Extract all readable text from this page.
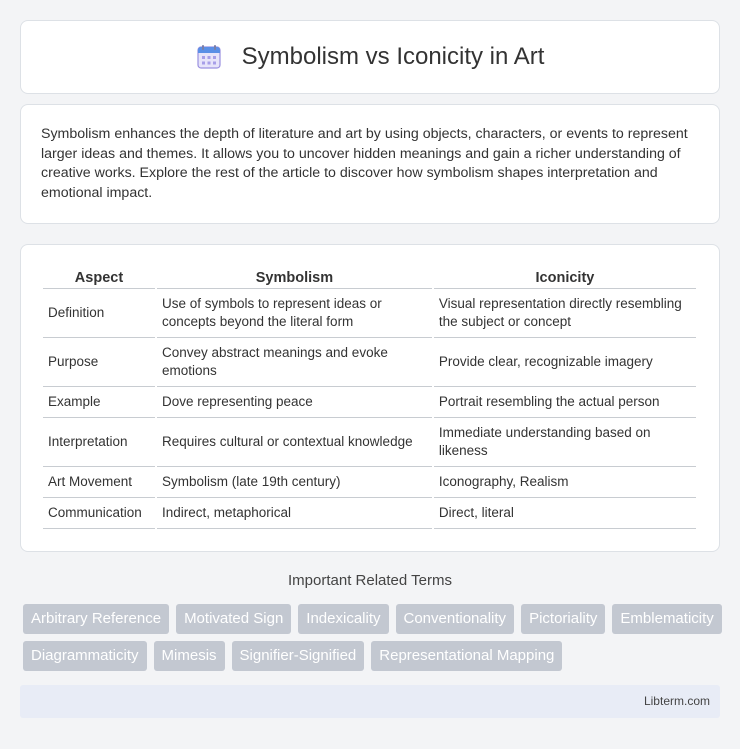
Symbolism vs Iconicity in Art

Symbolism enhances the depth of literature and art by using objects, characters, or events to represent larger ideas and themes. It allows you to uncover hidden meanings and gain a richer understanding of creative works. Explore the rest of the article to discover how symbolism shapes interpretation and emotional impact.

Aspect	Symbolism	Iconicity
Definition	Use of symbols to represent ideas or concepts beyond the literal form	Visual representation directly resembling the subject or concept
Purpose	Convey abstract meanings and evoke emotions	Provide clear, recognizable imagery
Example	Dove representing peace	Portrait resembling the actual person
Interpretation	Requires cultural or contextual knowledge	Immediate understanding based on likeness
Art Movement	Symbolism (late 19th century)	Iconography, Realism
Communication	Indirect, metaphorical	Direct, literal
Important Related Terms
Arbitrary Reference	Motivated Sign	Indexicality	Conventionality	Pictoriality	Emblematicity
Diagrammaticity	Mimesis	Signifier-Signified	Representational Mapping
Libterm.com
